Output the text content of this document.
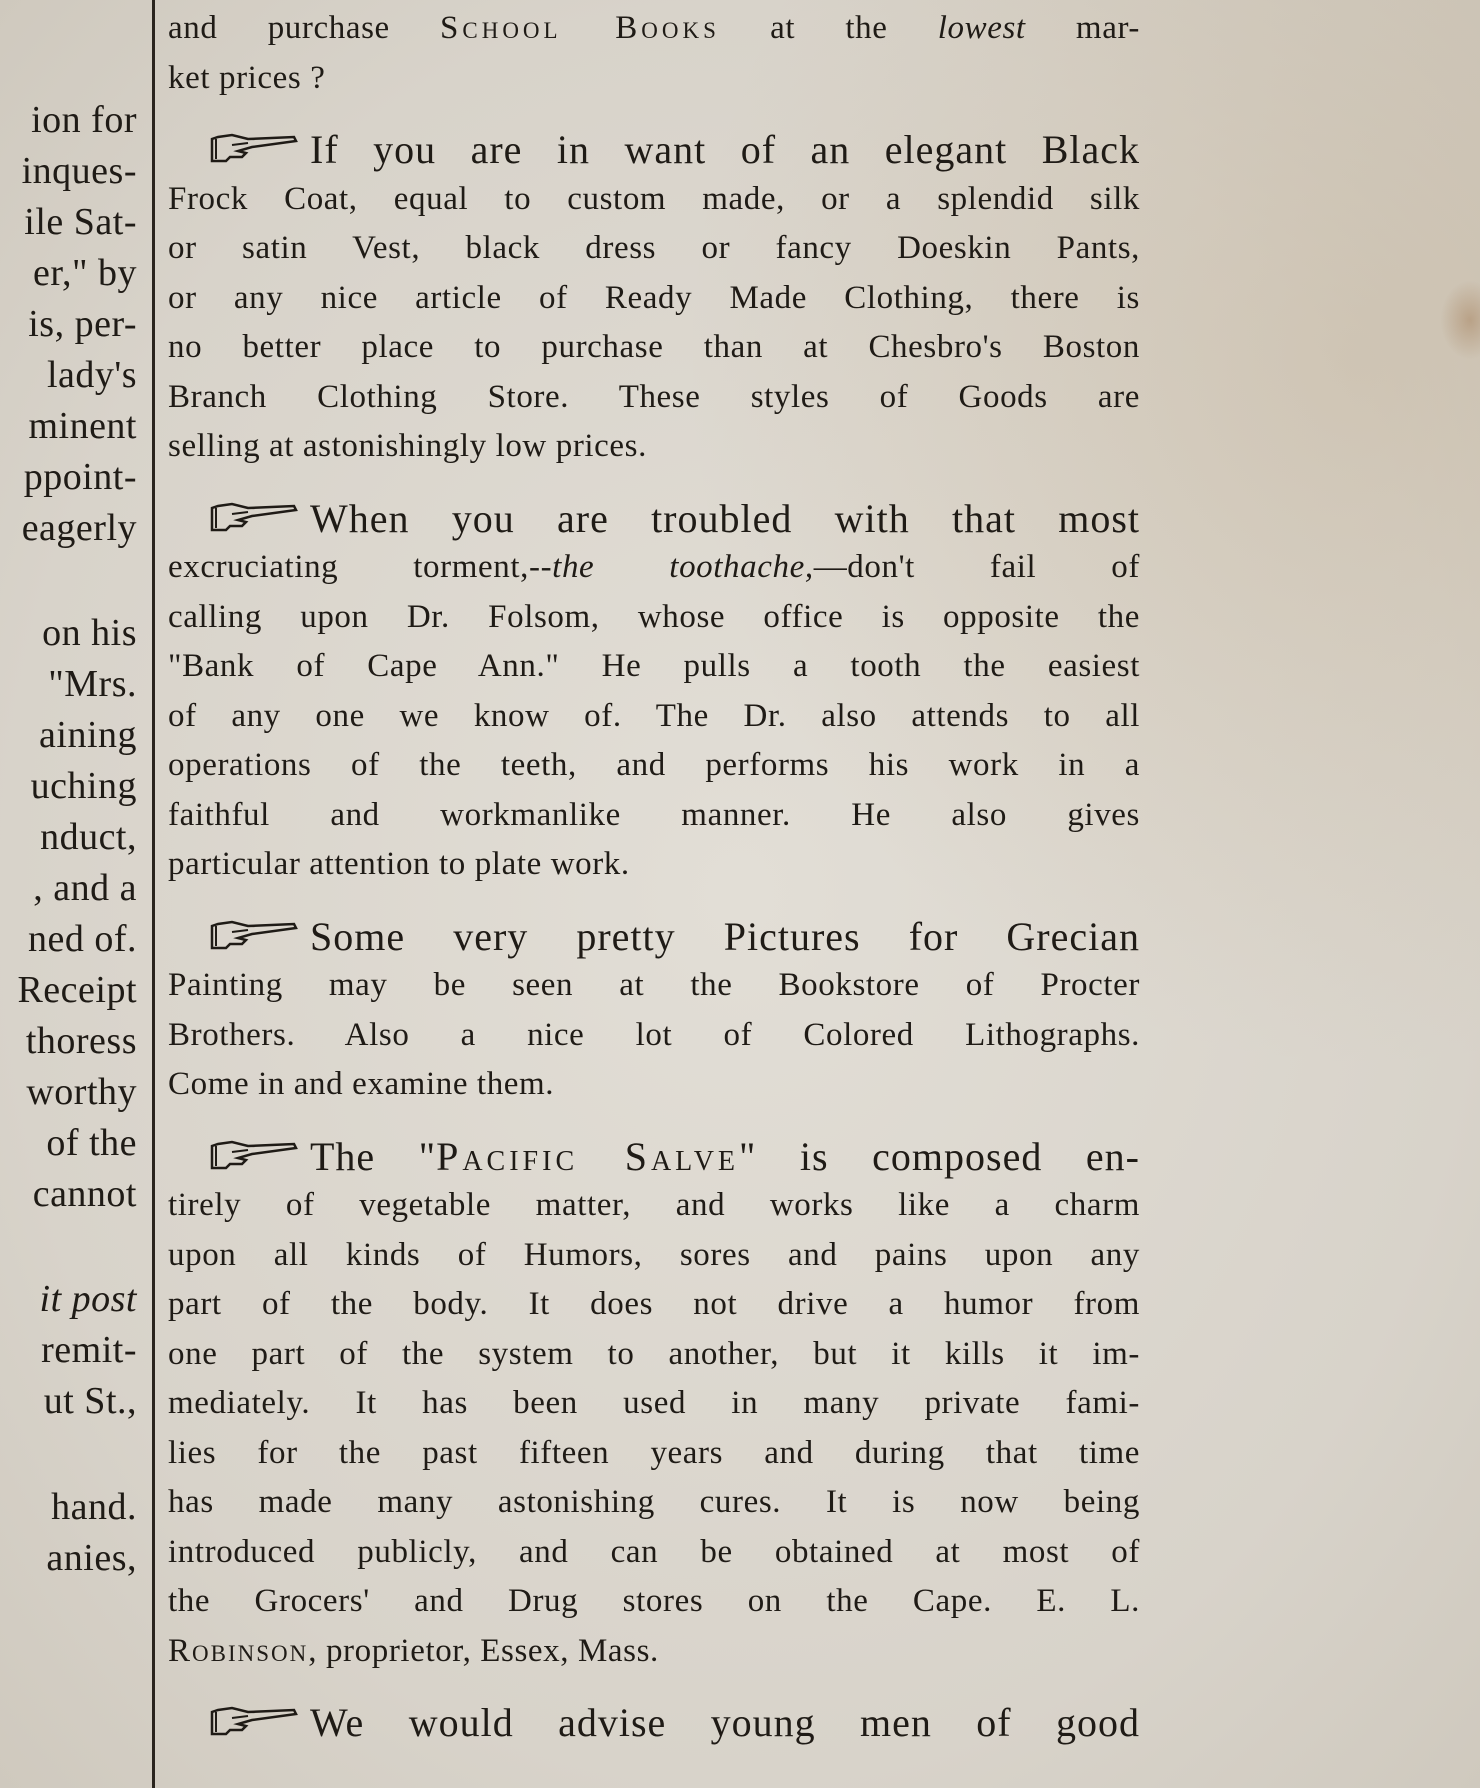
ion for
inques-
ile Sat-
er," by
is, per-
lady's
minent
ppoint-
eagerly
on his
"Mrs.
aining
uching
nduct,
, and a
ned of.
Receipt
thoress
worthy
of the
cannot
it post
remit-
ut St.,
hand.
anies,
and purchase School Books at the lowest mar-
ket prices ?
If you are in want of an elegant Black
Frock Coat, equal to custom made, or a splendid silk
or satin Vest, black dress or fancy Doeskin Pants,
or any nice article of Ready Made Clothing, there is
no better place to purchase than at Chesbro's Boston
Branch Clothing Store. These styles of Goods are
selling at astonishingly low prices.
When you are troubled with that most
excruciating torment,--the toothache,—don't fail of
calling upon Dr. Folsom, whose office is opposite the
"Bank of Cape Ann." He pulls a tooth the easiest
of any one we know of. The Dr. also attends to all
operations of the teeth, and performs his work in a
faithful and workmanlike manner. He also gives
particular attention to plate work.
Some very pretty Pictures for Grecian
Painting may be seen at the Bookstore of Procter
Brothers. Also a nice lot of Colored Lithographs.
Come in and examine them.
The "Pacific Salve" is composed en-
tirely of vegetable matter, and works like a charm
upon all kinds of Humors, sores and pains upon any
part of the body. It does not drive a humor from
one part of the system to another, but it kills it im-
mediately. It has been used in many private fami-
lies for the past fifteen years and during that time
has made many astonishing cures. It is now being
introduced publicly, and can be obtained at most of
the Grocers' and Drug stores on the Cape. E. L.
Robinson, proprietor, Essex, Mass.
We would advise young men of good
